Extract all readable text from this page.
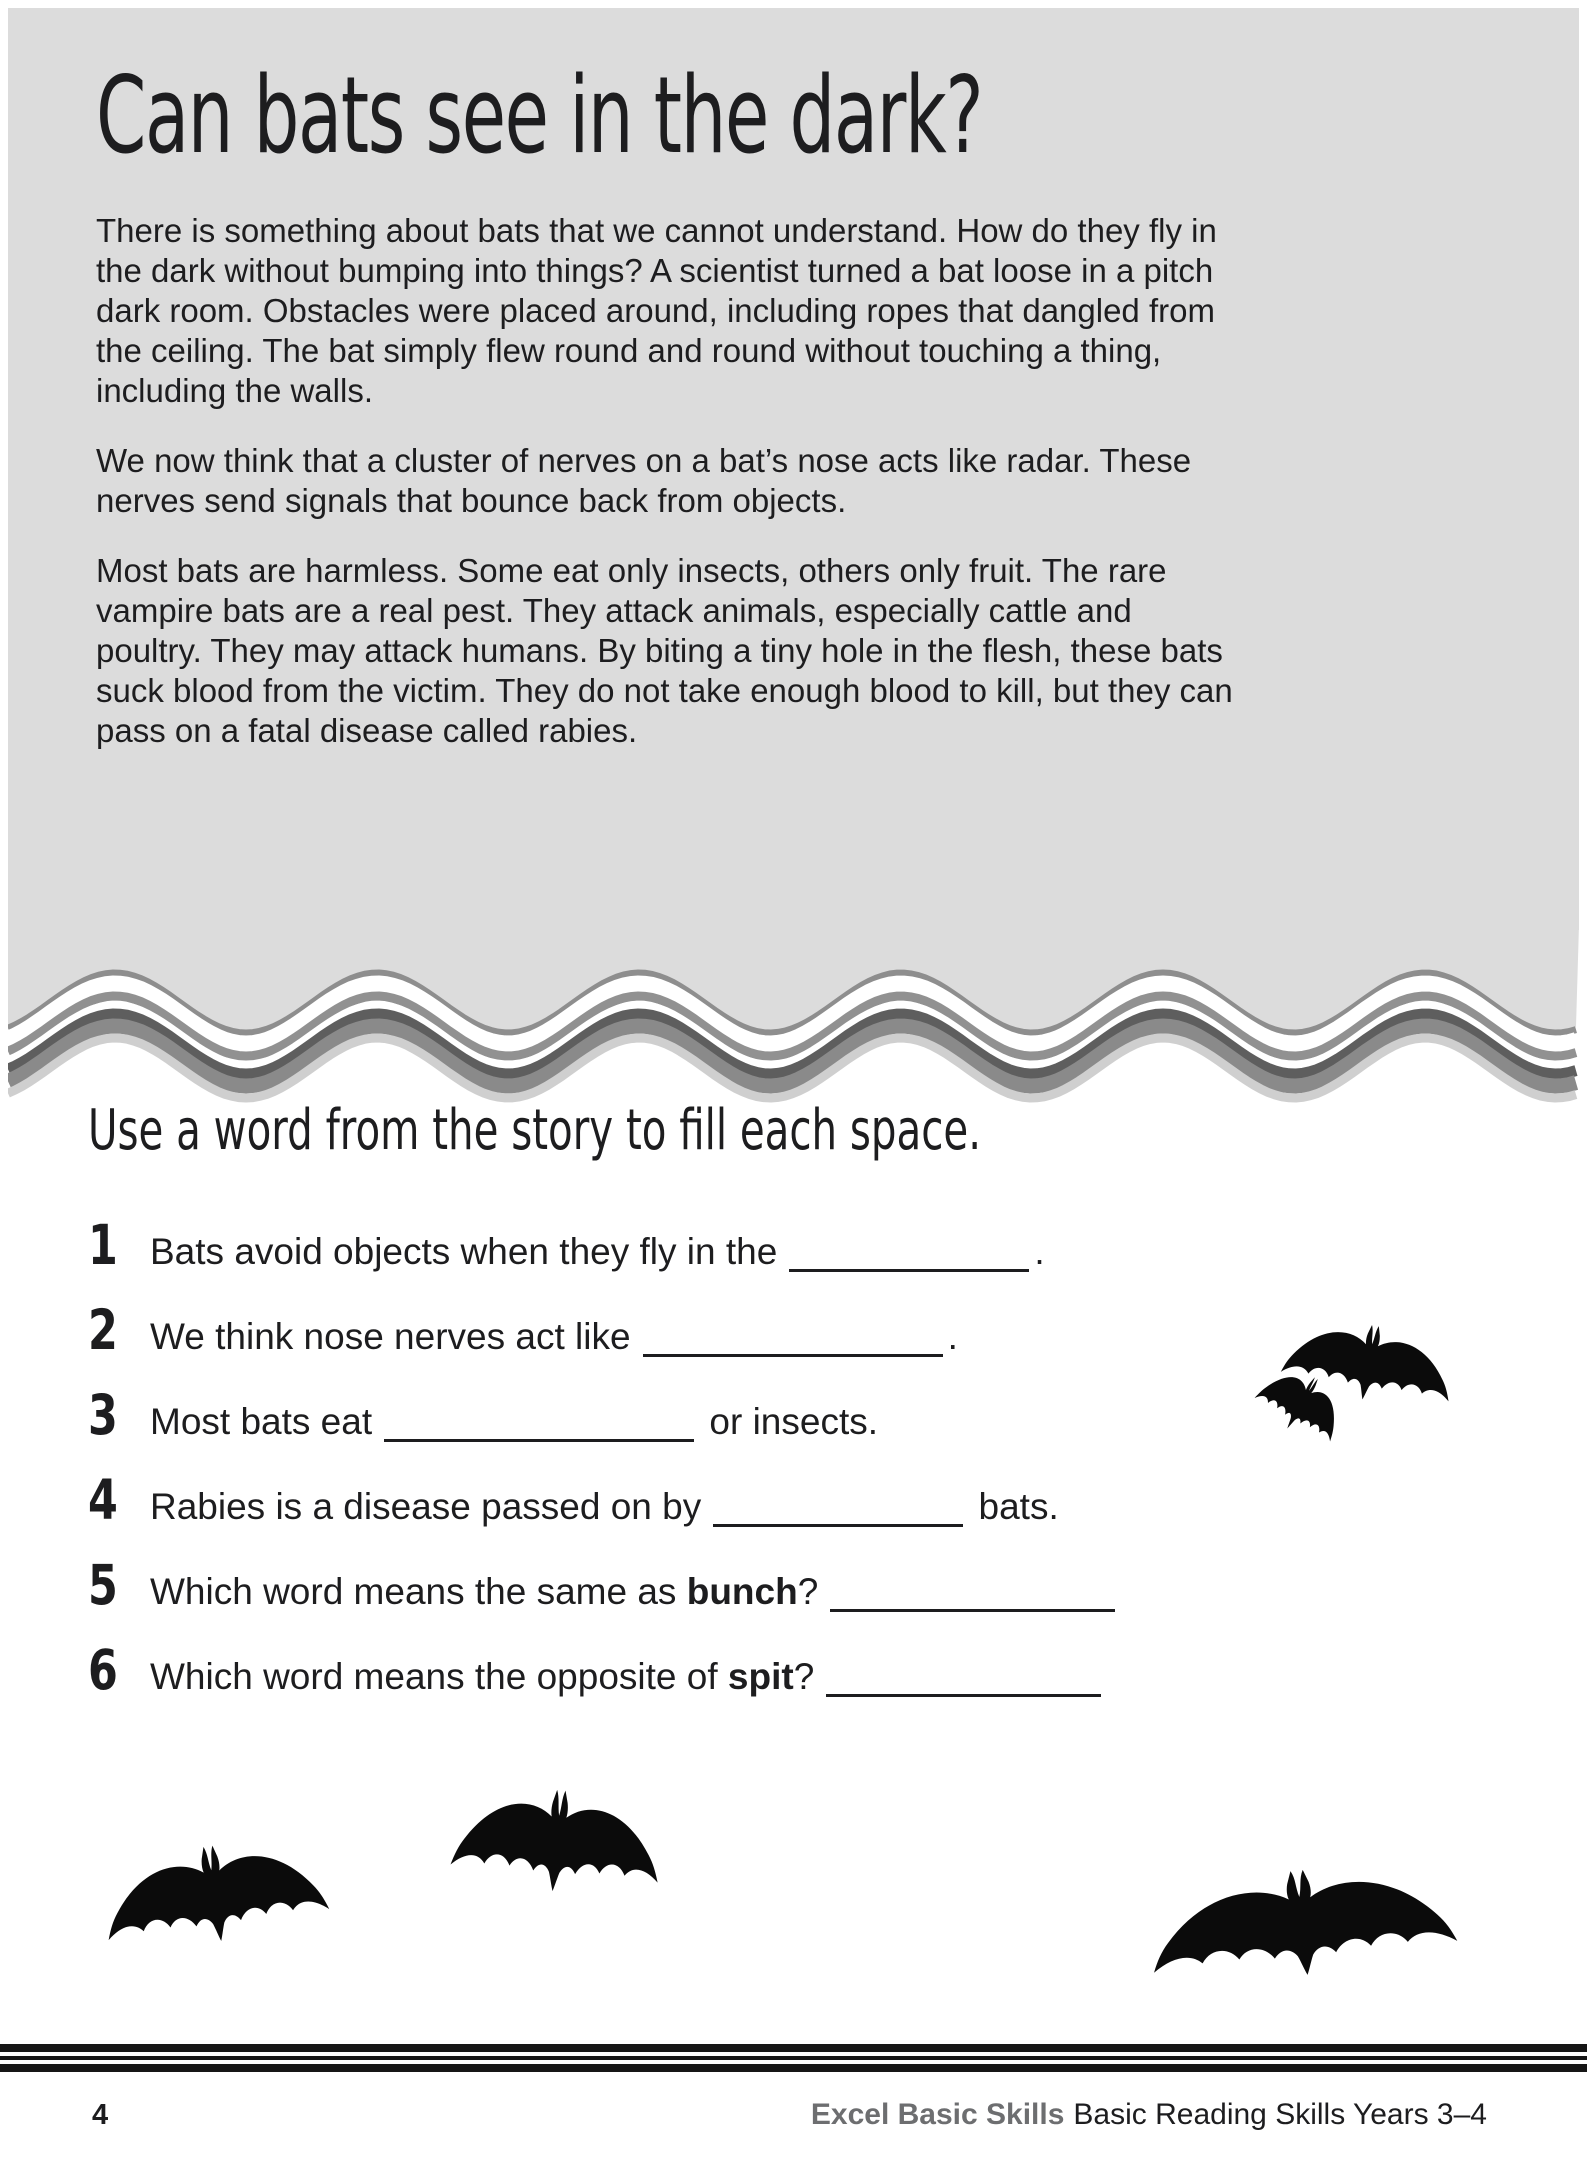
Can bats see in the dark?

There is something about bats that we cannot understand. How do they fly in the dark without bumping into things? A scientist turned a bat loose in a pitch dark room. Obstacles were placed around, including ropes that dangled from the ceiling. The bat simply flew round and round without touching a thing, including the walls.

We now think that a cluster of nerves on a bat’s nose acts like radar. These nerves send signals that bounce back from objects.

Most bats are harmless. Some eat only insects, others only fruit. The rare vampire bats are a real pest. They attack animals, especially cattle and poultry. They may attack humans. By biting a tiny hole in the flesh, these bats suck blood from the victim. They do not take enough blood to kill, but they can pass on a fatal disease called rabies.

Use a word from the story to fill each space.
1 Bats avoid objects when they fly in the	.
2 We think nose nerves act like	.
3 Most bats eat	or insects.
4 Rabies is a disease passed on by	bats.
5 Which word means the same as bunch?
6 Which word means the opposite of spit?
4	Excel Basic Skills Basic Reading Skills Years 3–4
